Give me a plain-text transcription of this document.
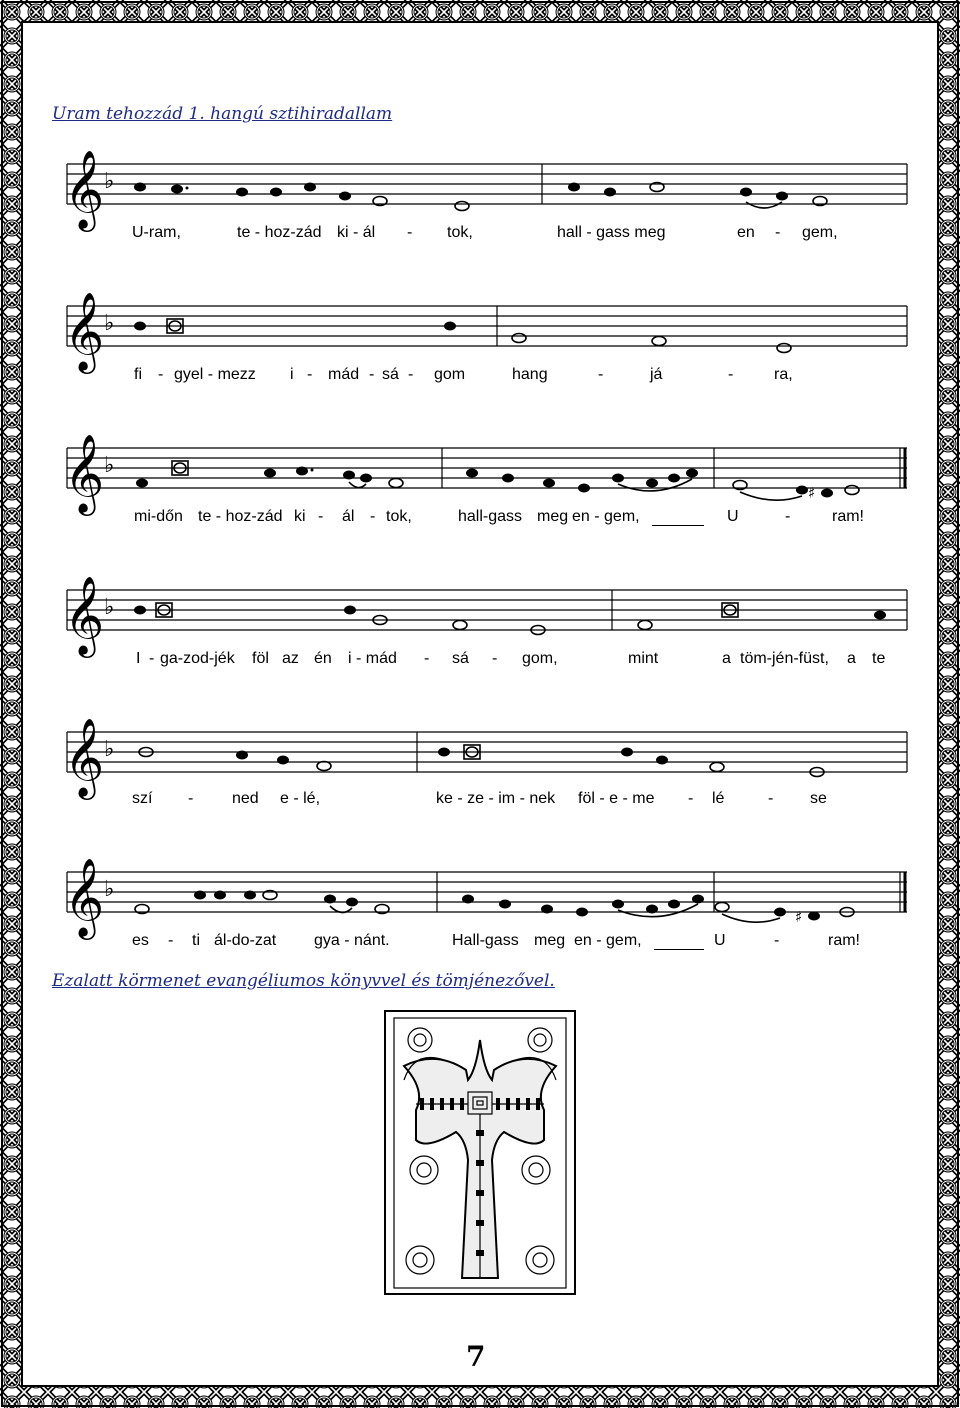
Uram tehozzád 1. hangú sztihiradallam
𝄞 ♭
U-ram,	te - hoz-zád ki - ál - tok,	hall - gass meg	en - gem,
𝄞 ♭
fi - gyel - mezz i - mád - sá - gom	hang	-	já	-	ra,
𝄞 ♭
♯
mi-dőn te - hoz-zád ki - ál - tok,	hall-gass meg en - gem,	U	-	ram!
𝄞 ♭
I - ga-zod-jék föl az én i - mád - sá - gom,	mint	a töm-jén-füst, a te
𝄞 ♭
szí - ned e - lé,	ke - ze - im - nek föl - e - me - lé	- se
𝄞 ♭
♯
es - ti ál-do-zat gya - nánt.	Hall-gass meg en - gem,	U	-	ram!
Ezalatt körmenet evangéliumos könyvvel és tömjénezővel.
7
